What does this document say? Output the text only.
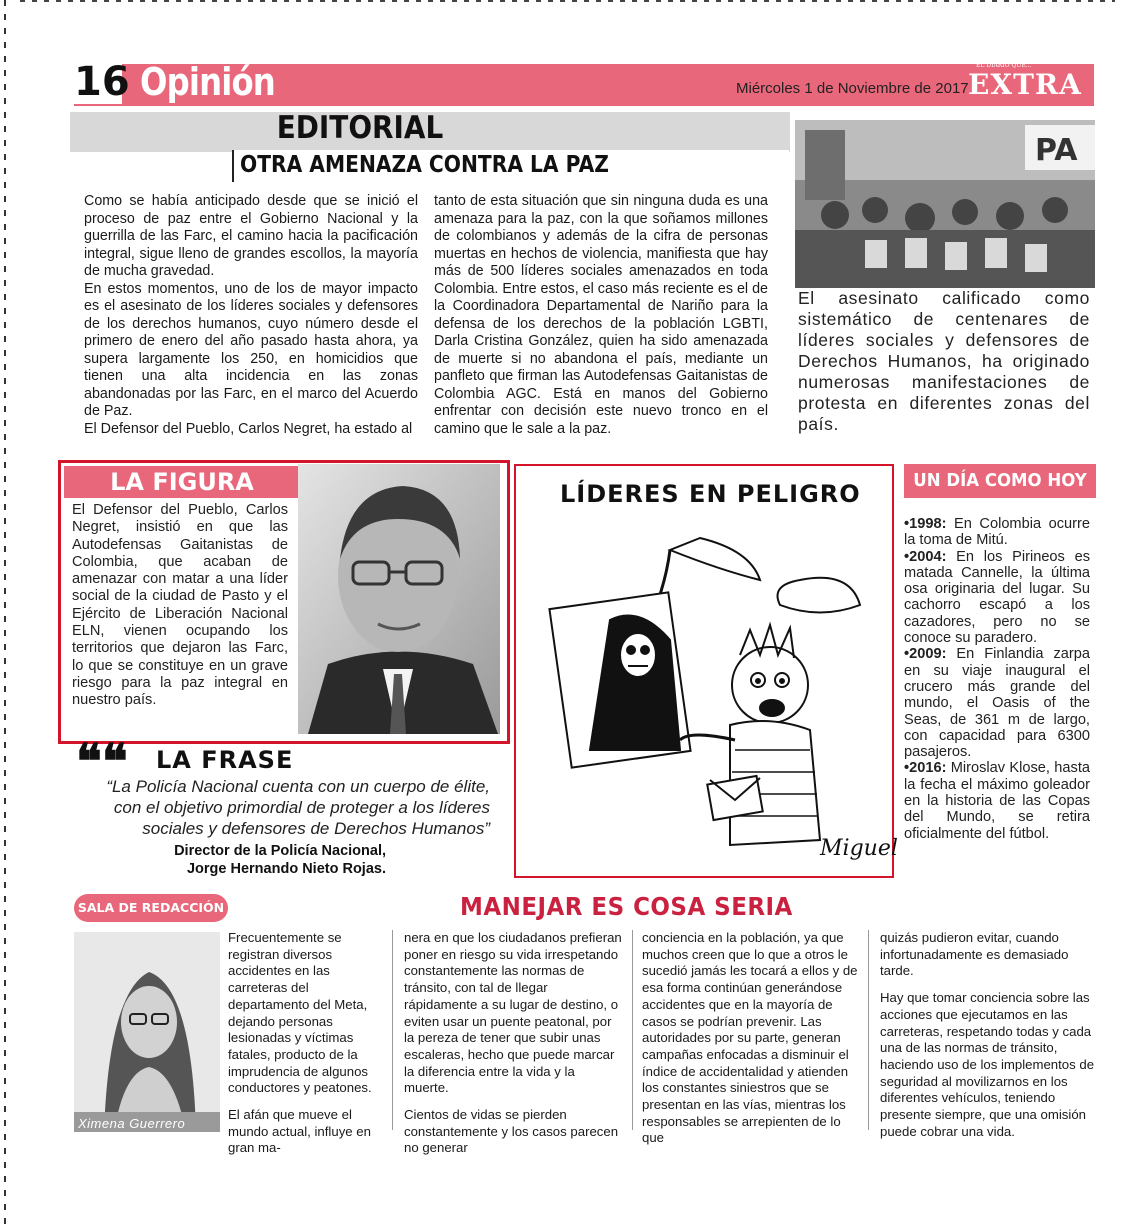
16 Opinión	Miércoles 1 de Noviembre de 2017
EL DIARIO QUE...
EXTRA
EDITORIAL
OTRA AMENAZA CONTRA LA PAZ

Como se había anticipado desde que se inició el proceso de paz entre el Gobierno Nacional y la guerrilla de las Farc, el camino hacia la pacificación integral, sigue lleno de grandes escollos, la mayoría de mucha gravedad.

En estos momentos, uno de los de mayor impacto es el asesinato de los líderes sociales y defensores de los derechos humanos, cuyo número desde el primero de enero del año pasado hasta ahora, ya supera largamente los 250, en homicidios que tienen una alta incidencia en las zonas abandonadas por las Farc, en el marco del Acuerdo de Paz.

El Defensor del Pueblo, Carlos Negret, ha estado al

tanto de esta situación que sin ninguna duda es una amenaza para la paz, con la que soñamos millones de colombianos y además de la cifra de personas muertas en hechos de violencia, manifiesta que hay más de 500 líderes sociales amenazados en toda Colombia. Entre estos, el caso más reciente es el de la Coordinadora Departamental de Nariño para la defensa de los derechos de la población LGBTI, Darla Cristina González, quien ha sido amenazada de muerte si no abandona el país, mediante un panfleto que firman las Autodefensas Gaitanistas de Colombia AGC. Está en manos del Gobierno enfrentar con decisión este nuevo tronco en el camino que le sale a la paz.

PA
El asesinato calificado como sistemático de centenares de líderes sociales y defensores de Derechos Humanos, ha originado numerosas manifestaciones de protesta en diferentes zonas del país.
LA FIGURA
El Defensor del Pueblo, Carlos Negret, insistió en que las Autodefensas Gaitanistas de Colombia, que acaban de amenazar con matar a una líder social de la ciudad de Pasto y el Ejército de Liberación Nacional ELN, vienen ocupando los territorios que dejaron las Farc, lo que se constituye en un grave riesgo para la paz integral en nuestro país.
❝❝ LA FRASE
“La Policía Nacional cuenta con un cuerpo de élite, con el objetivo primordial de proteger a los líderes sociales y defensores de Derechos Humanos”
Director de la Policía Nacional,
Jorge Hernando Nieto Rojas.
LÍDERES EN PELIGRO
Miguel
UN DÍA COMO HOY

•1998: En Colombia ocurre la toma de Mitú.

•2004: En los Pirineos es matada Cannelle, la última osa originaria del lugar. Su cachorro escapó a los cazadores, pero no se conoce su paradero.

•2009: En Finlandia zarpa en su viaje inaugural el crucero más grande del mundo, el Oasis of the Seas, de 361 m de largo, con capacidad para 6300 pasajeros.

•2016: Miroslav Klose, hasta la fecha el máximo goleador en la historia de las Copas del Mundo, se retira oficialmente del fútbol.

SALA DE REDACCIÓN	MANEJAR ES COSA SERIA
Ximena Guerrero

Frecuentemente se registran diversos accidentes en las carreteras del departamento del Meta, dejando personas lesionadas y víctimas fatales, producto de la imprudencia de algunos conductores y peatones.

El afán que mueve el mundo actual, influye en gran ma-

nera en que los ciudadanos prefieran poner en riesgo su vida irrespetando constantemente las normas de tránsito, con tal de llegar rápidamente a su lugar de destino, o eviten usar un puente peatonal, por la pereza de tener que subir unas escaleras, hecho que puede marcar la diferencia entre la vida y la muerte.

Cientos de vidas se pierden constantemente y los casos parecen no generar

conciencia en la población, ya que muchos creen que lo que a otros le sucedió jamás les tocará a ellos y de esa forma continúan generándose accidentes que en la mayoría de casos se podrían prevenir. Las autoridades por su parte, generan campañas enfocadas a disminuir el índice de accidentalidad y atienden los constantes siniestros que se presentan en las vías, mientras los responsables se arrepienten de lo que

quizás pudieron evitar, cuando infortunadamente es demasiado tarde.

Hay que tomar conciencia sobre las acciones que ejecutamos en las carreteras, respetando todas y cada una de las normas de tránsito, haciendo uso de los implementos de seguridad al movilizarnos en los diferentes vehículos, teniendo presente siempre, que una omisión puede cobrar una vida.
